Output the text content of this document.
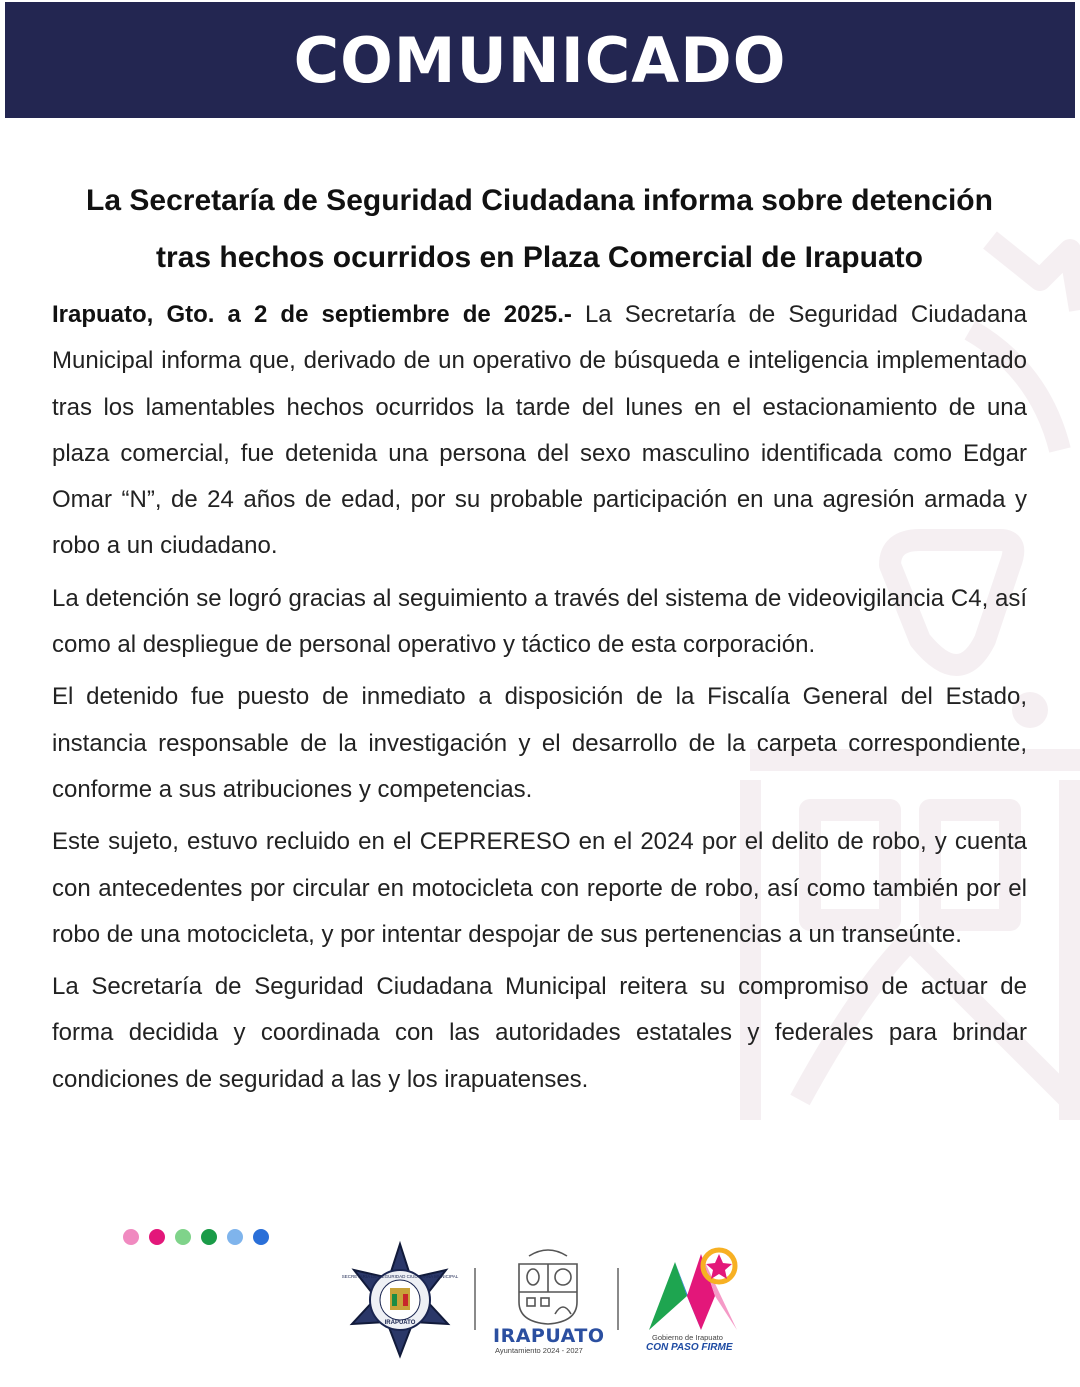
COMUNICADO

La Secretaría de Seguridad Ciudadana informa sobre detención
tras hechos ocurridos en Plaza Comercial de Irapuato

Irapuato, Gto. a 2 de septiembre de 2025.- La Secretaría de Seguridad Ciudadana Municipal informa que, derivado de un operativo de búsqueda e inteligencia implementado tras los lamentables hechos ocurridos la tarde del lunes en el estacionamiento de una plaza comercial, fue detenida una persona del sexo masculino identificada como Edgar Omar “N”, de 24 años de edad, por su probable participación en una agresión armada y robo a un ciudadano.

La detención se logró gracias al seguimiento a través del sistema de videovigilancia C4, así como al despliegue de personal operativo y táctico de esta corporación.

El detenido fue puesto de inmediato a disposición de la Fiscalía General del Estado, instancia responsable de la investigación y el desarrollo de la carpeta correspondiente, conforme a sus atribuciones y competencias.

Este sujeto, estuvo recluido en el CEPRERESO en el 2024 por el delito de robo, y cuenta con antecedentes por circular en motocicleta con reporte de robo, así como también por el robo de una motocicleta, y por intentar despojar de sus pertenencias a un transeúnte.

La Secretaría de Seguridad Ciudadana Municipal reitera su compromiso de actuar de forma decidida y coordinada con las autoridades estatales y federales para brindar condiciones de seguridad a las y los irapuatenses.

SECRETARÍA DE SEGURIDAD CIUDADANA MUNICIPAL
IRAPUATO
IRAPUATO
Ayuntamiento 2024 - 2027
Gobierno de Irapuato
CON PASO FIRME
